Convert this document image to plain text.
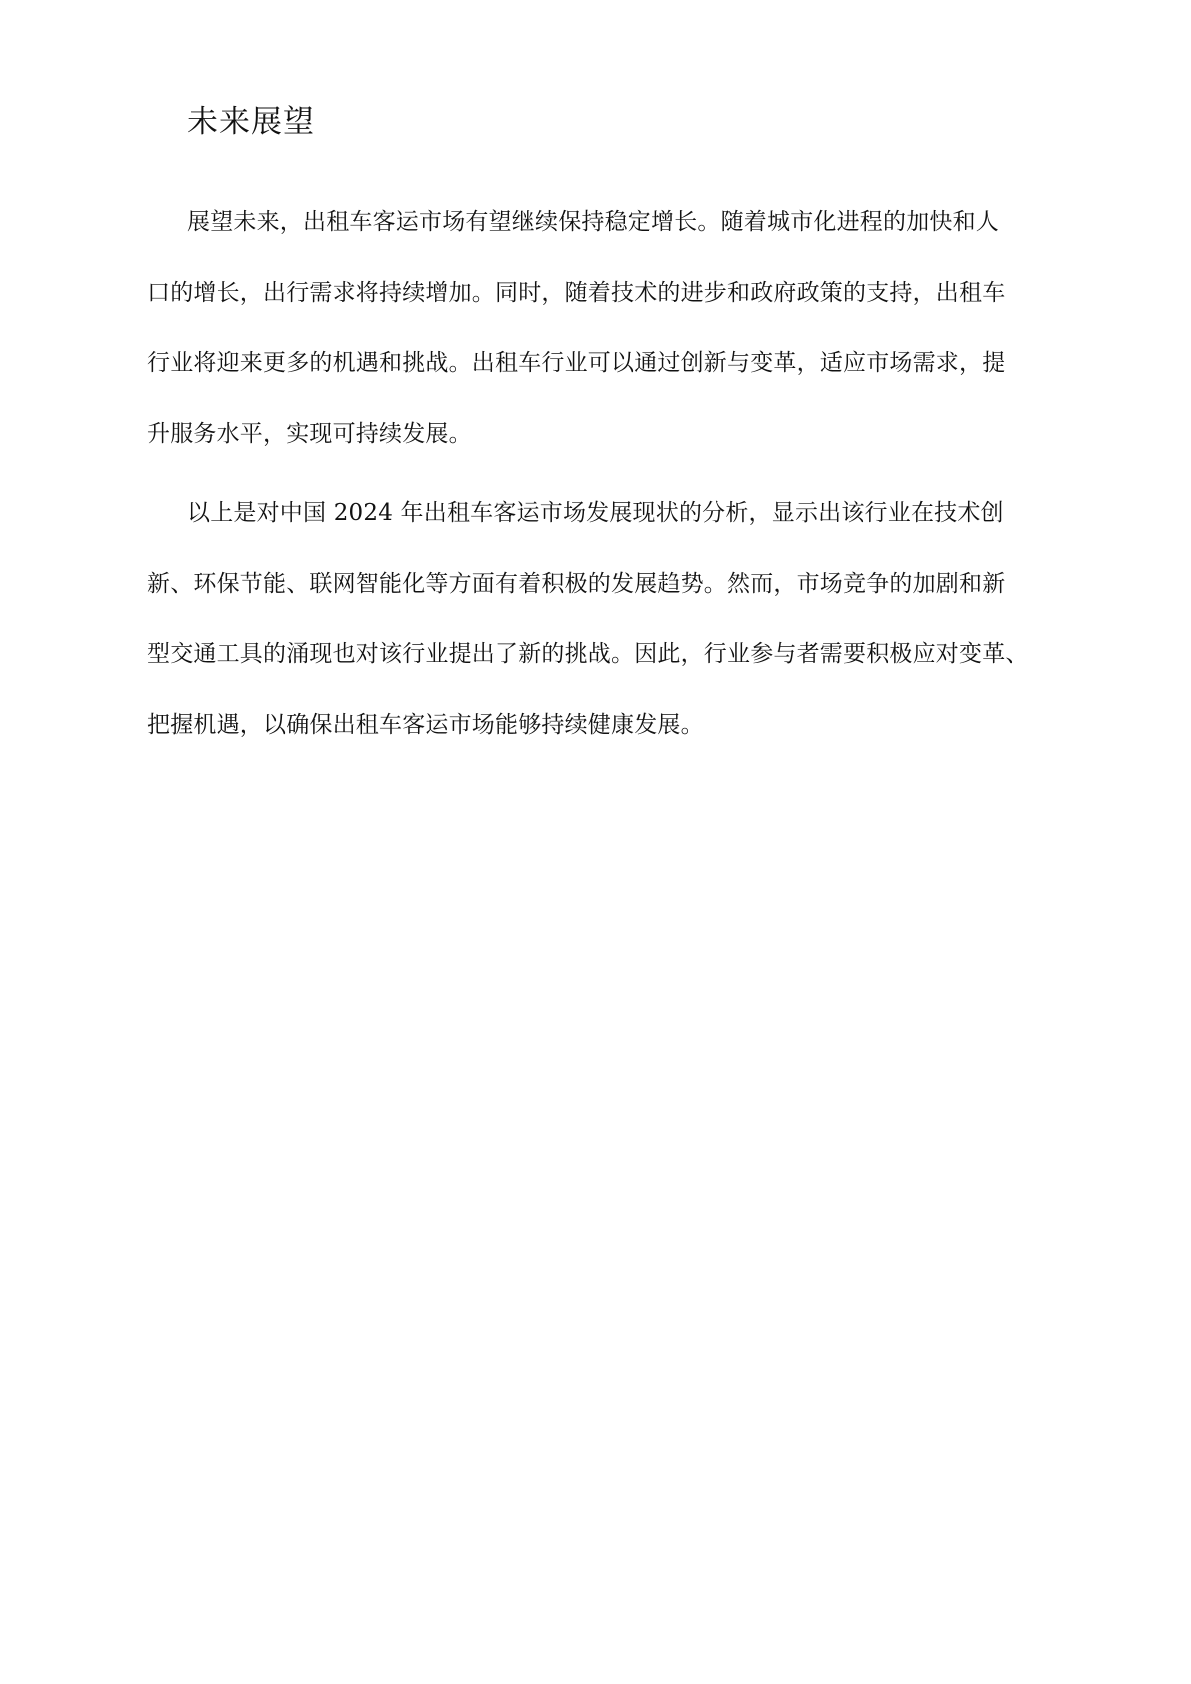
未来展望
展望未来，出租车客运市场有望继续保持稳定增长。随着城市化进程的加快和人
口的增长，出行需求将持续增加。同时，随着技术的进步和政府政策的支持，出租车
行业将迎来更多的机遇和挑战。出租车行业可以通过创新与变革，适应市场需求，提
升服务水平，实现可持续发展。
以上是对中国 2024 年出租车客运市场发展现状的分析，显示出该行业在技术创
新、环保节能、联网智能化等方面有着积极的发展趋势。然而，市场竞争的加剧和新
型交通工具的涌现也对该行业提出了新的挑战。因此，行业参与者需要积极应对变革、
把握机遇，以确保出租车客运市场能够持续健康发展。
